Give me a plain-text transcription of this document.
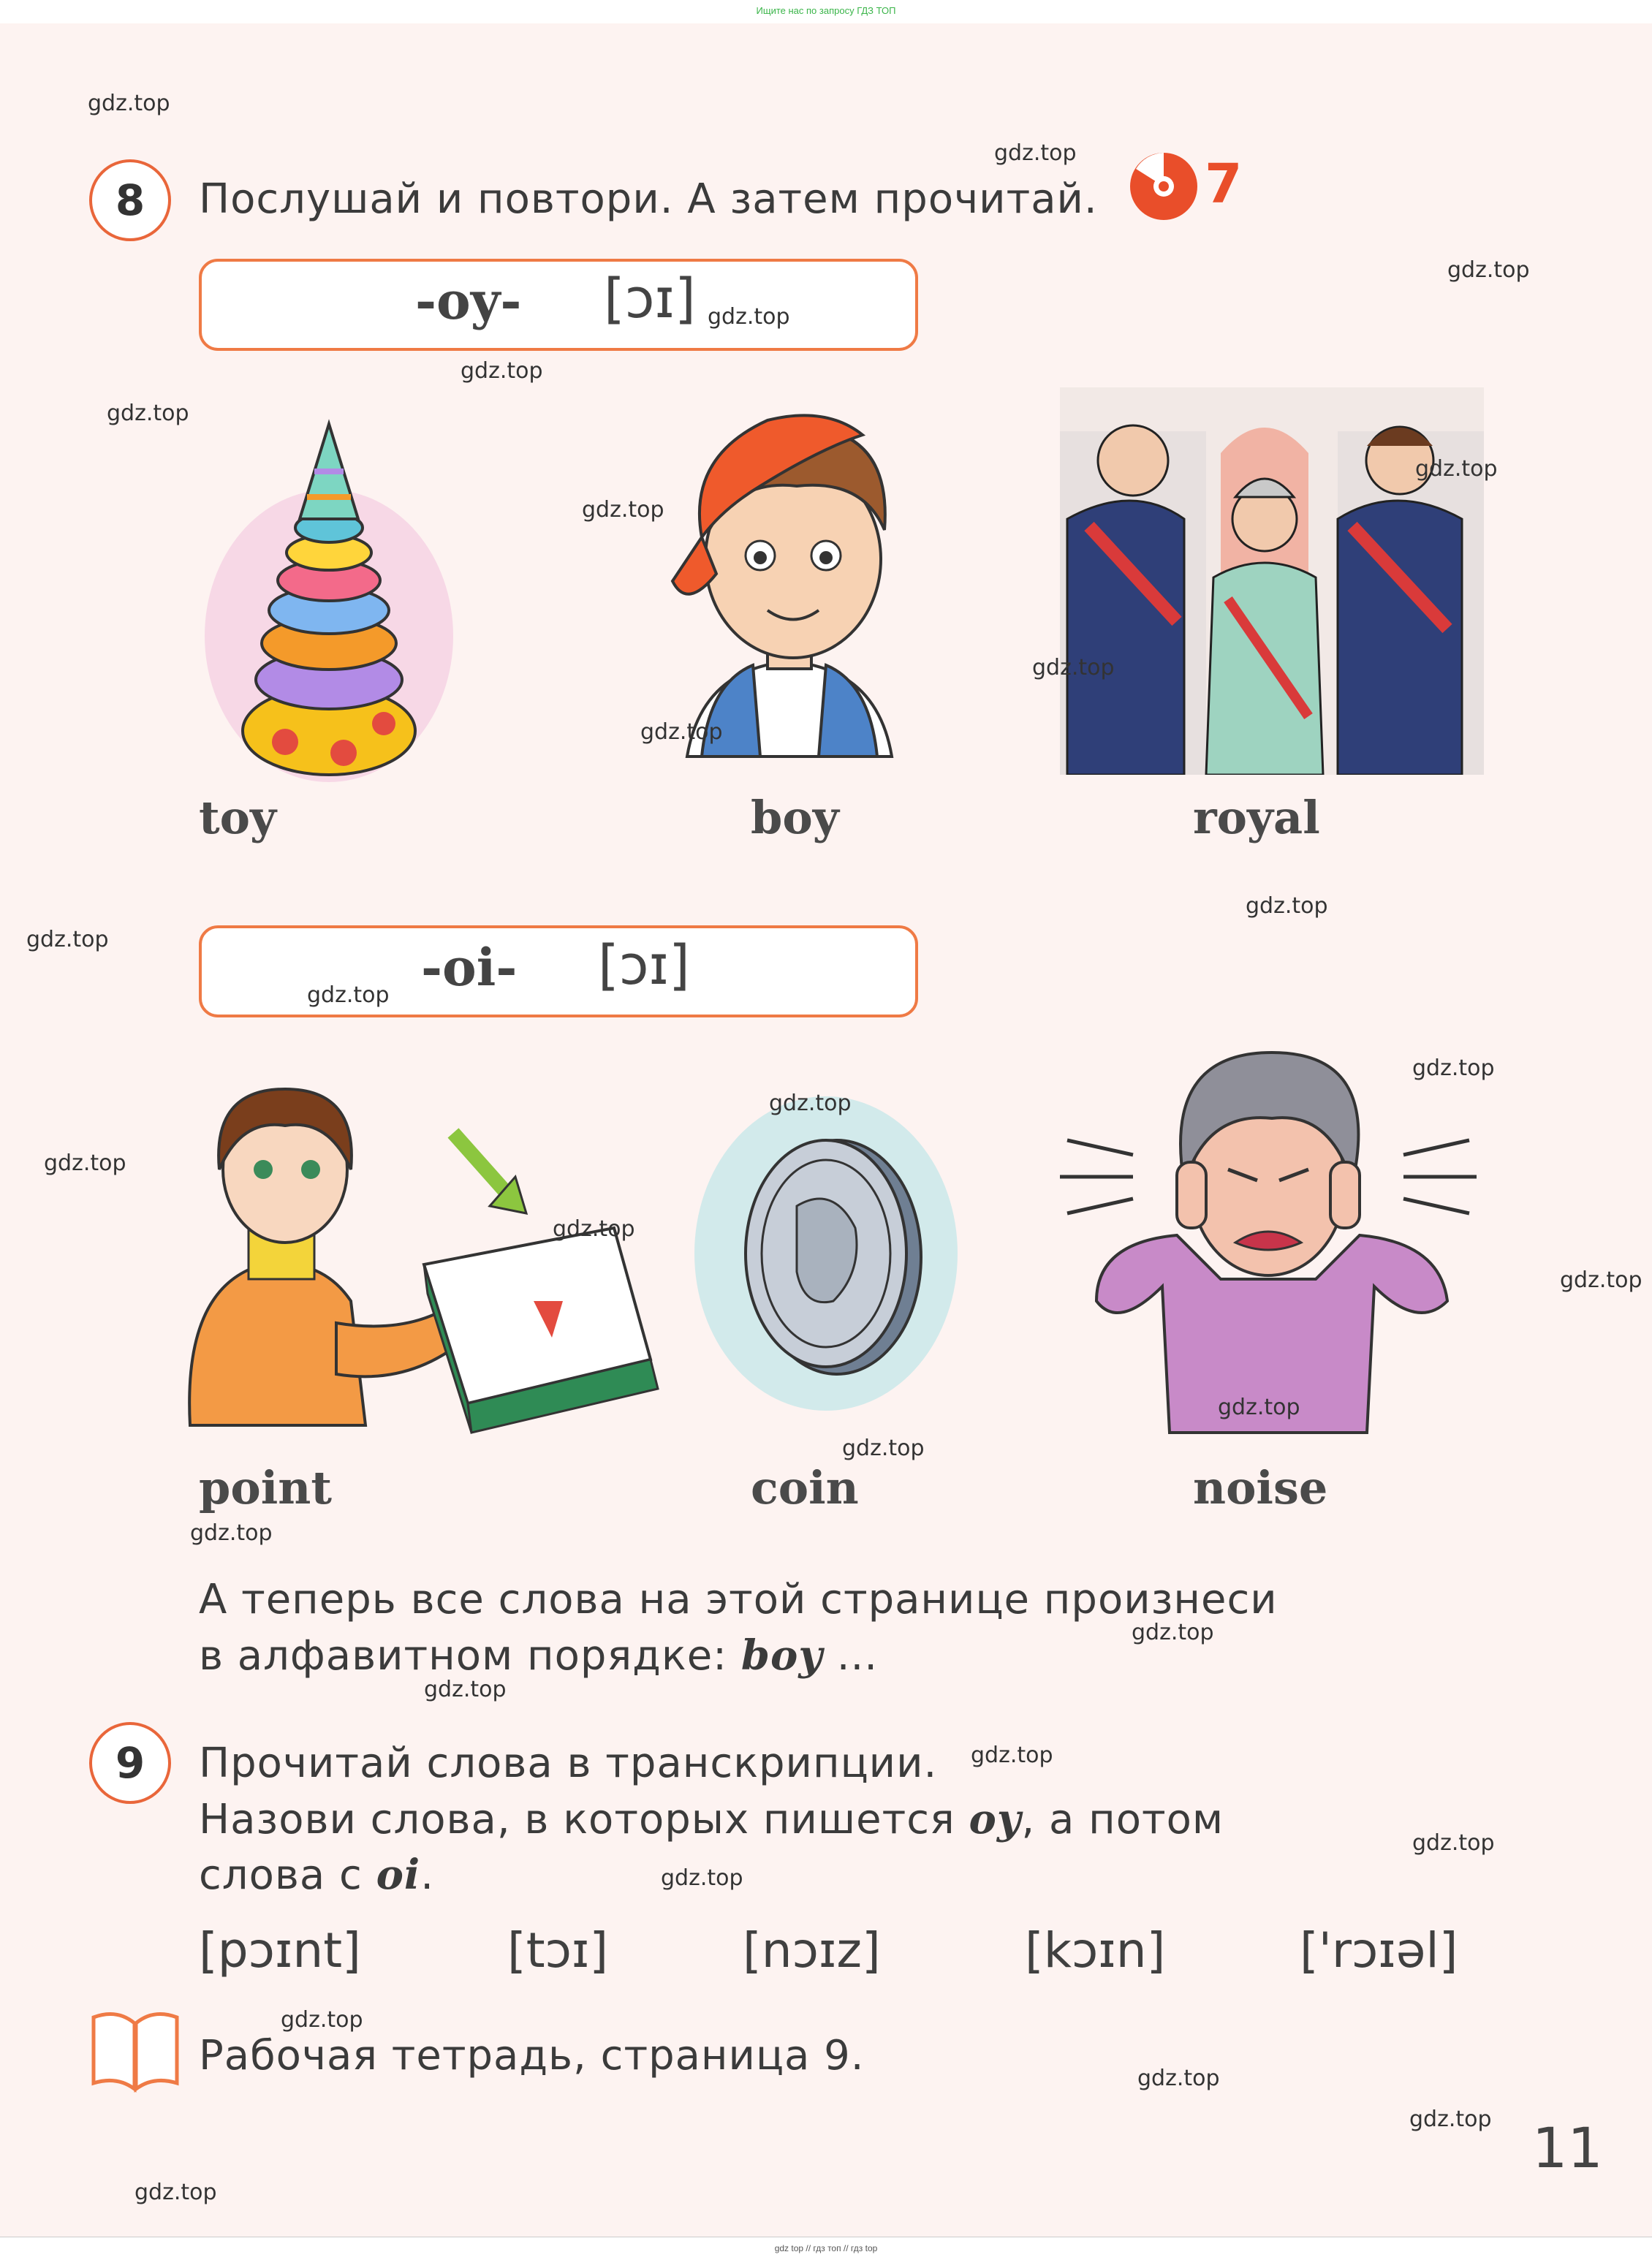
Ищите нас по запросу ГДЗ ТОП
gdz top // гдз топ // гдз top
8	Послушай и повтори. А затем прочитай. 7
-oy- [ɔɪ]
toy	boy	royal
-oi- [ɔɪ]
point	coin	noise
А теперь все слова на этой странице произнеси
в алфавитном порядке: boy ...
9	Прочитай слова в транскрипции.
Назови слова, в которых пишется oy, а потом
слова с oi.
[pɔɪnt]	[tɔɪ]	[nɔɪz]	[kɔɪn]	['rɔɪəl]
Рабочая тетрадь, страница 9.
11
gdz.top
gdz.top
gdz.top
gdz.top
gdz.top
gdz.top
gdz.top
gdz.top
gdz.top
gdz.top
gdz.top
gdz.top
gdz.top
gdz.top
gdz.top
gdz.top
gdz.top
gdz.top
gdz.top
gdz.top
gdz.top
gdz.top
gdz.top
gdz.top
gdz.top
gdz.top
gdz.top
gdz.top
gdz.top
gdz.top
